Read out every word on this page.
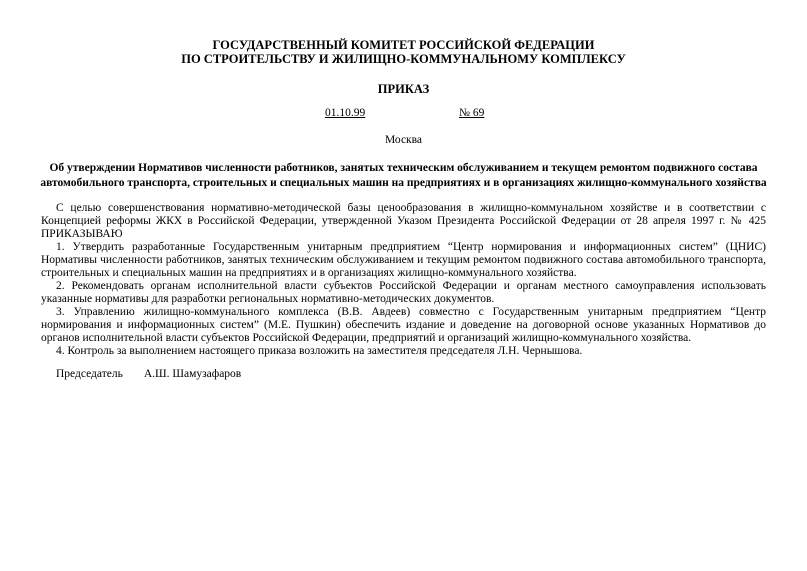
ГОСУДАРСТВЕННЫЙ КОМИТЕТ РОССИЙСКОЙ ФЕДЕРАЦИИ
ПО СТРОИТЕЛЬСТВУ И ЖИЛИЩНО-КОММУНАЛЬНОМУ КОМПЛЕКСУ
ПРИКАЗ
01.10.99	№ 69
Москва
Об утверждении Нормативов численности работников, занятых техническим обслуживанием и текущем ремонтом подвижного состава
автомобильного транспорта, строительных и специальных машин на предприятиях и в организациях жилищно-коммунального хозяйства

С целью совершенствования нормативно-методической базы ценообразования в жилищно-коммунальном хозяйстве и в соответствии с Концепцией реформы ЖКХ в Российской Федерации, утвержденной Указом Президента Российской Федерации от 28 апреля 1997 г. № 425 ПРИКАЗЫВАЮ

1. Утвердить разработанные Государственным унитарным предприятием “Центр нормирования и информационных систем” (ЦНИС) Нормативы численности работников, занятых техническим обслуживанием и текущим ремонтом подвижного состава автомобильного транспорта, строительных и специальных машин на предприятиях и в организациях жилищно-коммунального хозяйства.

2. Рекомендовать органам исполнительной власти субъектов Российской Федерации и органам местного самоуправления использовать указанные нормативы для разработки региональных нормативно-методических документов.

3. Управлению жилищно-коммунального комплекса (В.В. Авдеев) совместно с Государственным унитарным предприятием “Центр нормирования и информационных систем” (М.Е. Пушкин) обеспечить издание и доведение на договорной основе указанных Нормативов до органов исполнительной власти субъектов Российской Федерации, предприятий и организаций жилищно-коммунального хозяйства.

4. Контроль за выполнением настоящего приказа возложить на заместителя председателя Л.Н. Чернышова.

Председатель А.Ш. Шамузафаров
